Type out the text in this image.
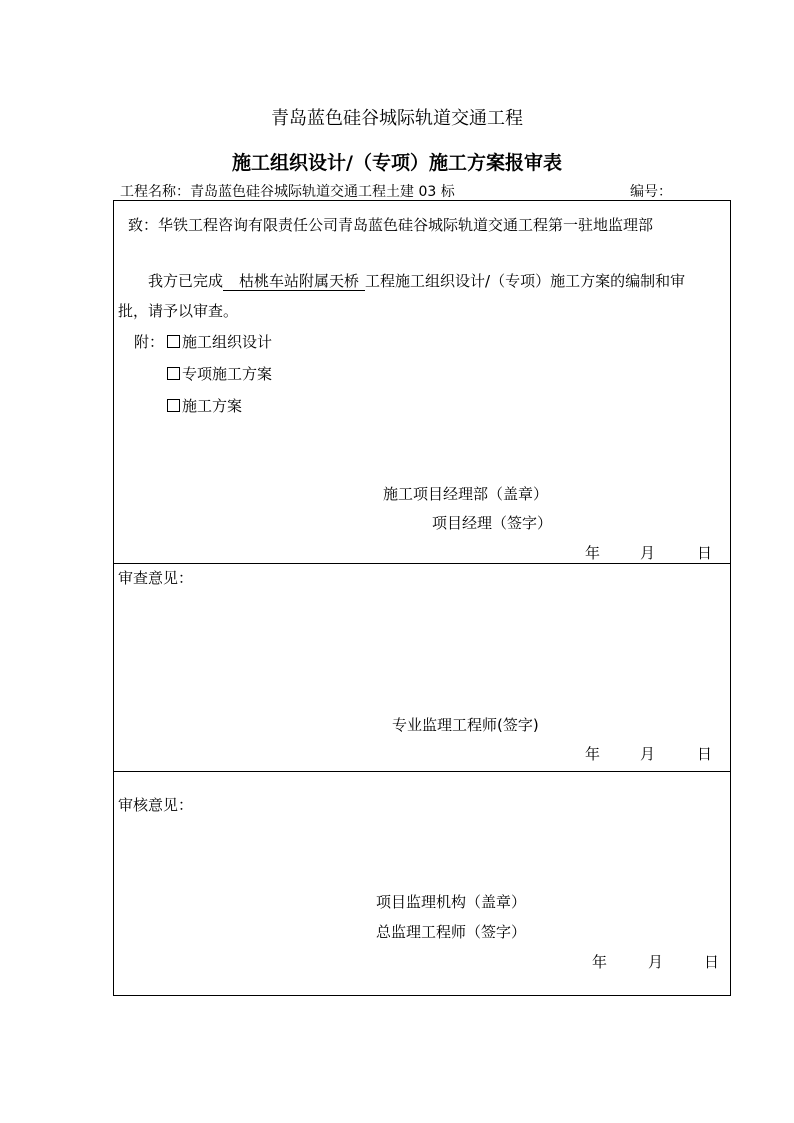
青岛蓝色硅谷城际轨道交通工程
施工组织设计/（专项）施工方案报审表
工程名称：青岛蓝色硅谷城际轨道交通工程土建 03 标	编号：
致：华铁工程咨询有限责任公司青岛蓝色硅谷城际轨道交通工程第一驻地监理部
我方已完成 枯桃车站附属天桥 工程施工组织设计/（专项）施工方案的编制和审
批，请予以审查。
附：	施工组织设计
专项施工方案
施工方案
施工项目经理部（盖章）
项目经理（签字）
年	月	日
审查意见：
专业监理工程师(签字)
年	月	日
审核意见：
项目监理机构（盖章）
总监理工程师（签字）
年	月	日
